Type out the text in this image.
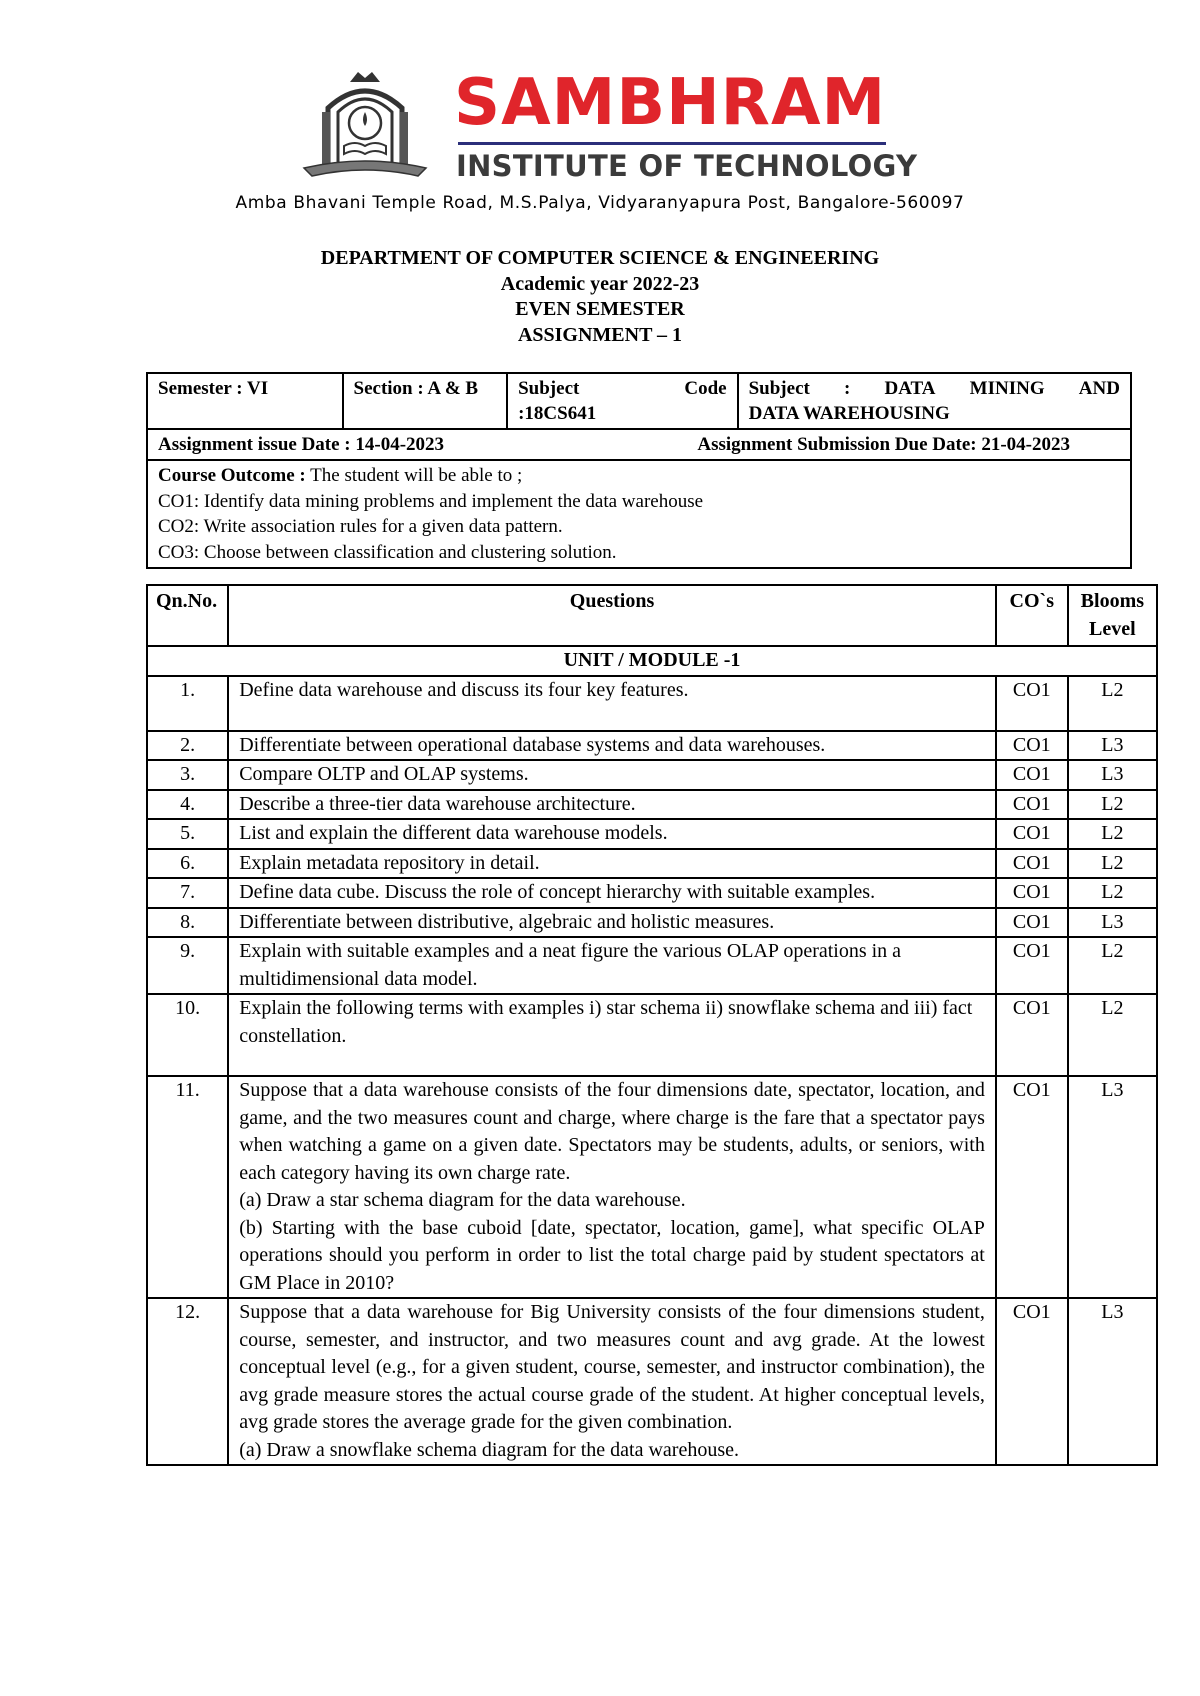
SAMBHRAM
INSTITUTE OF TECHNOLOGY
Amba Bhavani Temple Road, M.S.Palya, Vidyaranyapura Post, Bangalore-560097
DEPARTMENT OF COMPUTER SCIENCE & ENGINEERING
Academic year 2022-23
EVEN SEMESTER
ASSIGNMENT – 1
Semester : VI	Section : A & B	Subject	Code
:18CS641

Subject : DATA MINING AND
DATA WAREHOUSING

Assignment issue Date : 14-04-2023	Assignment Submission Due Date: 21-04-2023

Course Outcome : The student will be able to ;
CO1: Identify data mining problems and implement the data warehouse
CO2: Write association rules for a given data pattern.
CO3: Choose between classification and clustering solution.
Qn.No.	Questions	CO`s	Blooms Level
UNIT / MODULE -1			
1.	Define data warehouse and discuss its four key features.	CO1	L2
2.	Differentiate between operational database systems and data warehouses.	CO1	L3
3.	Compare OLTP and OLAP systems.	CO1	L3
4.	Describe a three-tier data warehouse architecture.	CO1	L2
5.	List and explain the different data warehouse models.	CO1	L2
6.	Explain metadata repository in detail.	CO1	L2
7.	Define data cube. Discuss the role of concept hierarchy with suitable examples.	CO1	L2
8.	Differentiate between distributive, algebraic and holistic measures.	CO1	L3
9.	Explain with suitable examples and a neat figure the various OLAP operations in a multidimensional data model.	CO1	L2
10.	Explain the following terms with examples i) star schema ii) snowflake schema and iii) fact constellation.	CO1	L2
11.	Suppose that a data warehouse consists of the four dimensions date, spectator, location, and game, and the two measures count and charge, where charge is the fare that a spectator pays when watching a game on a given date. Spectators may be students, adults, or seniors, with each category having its own charge rate.
(a) Draw a star schema diagram for the data warehouse.
(b) Starting with the base cuboid [date, spectator, location, game], what specific OLAP operations should you perform in order to list the total charge paid by student spectators at GM Place in 2010?	CO1	L3
12.	Suppose that a data warehouse for Big University consists of the four dimensions student, course, semester, and instructor, and two measures count and avg grade. At the lowest conceptual level (e.g., for a given student, course, semester, and instructor combination), the avg grade measure stores the actual course grade of the student. At higher conceptual levels, avg grade stores the average grade for the given combination.
(a) Draw a snowflake schema diagram for the data warehouse.	CO1	L3
